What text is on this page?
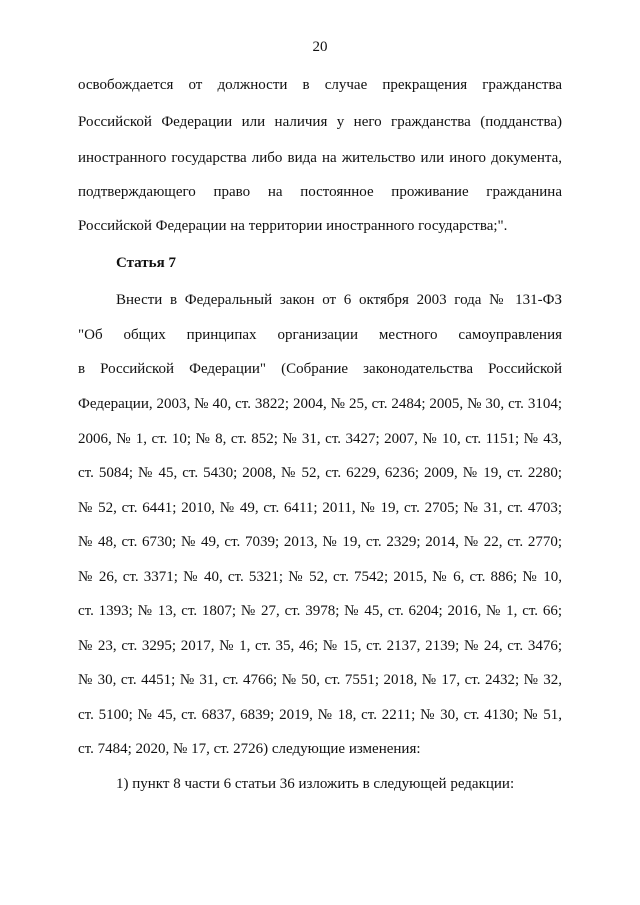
20
освобождается от должности в случае прекращения гражданства
Российской Федерации или наличия у него гражданства (подданства)
иностранного государства либо вида на жительство или иного документа,
подтверждающего право на постоянное проживание гражданина
Российской Федерации на территории иностранного государства;".
Статья 7
Внести в Федеральный закон от 6 октября 2003 года № 131-ФЗ
"Об общих принципах организации местного самоуправления
в Российской Федерации" (Собрание законодательства Российской
Федерации, 2003, № 40, ст. 3822; 2004, № 25, ст. 2484; 2005, № 30, ст. 3104;
2006, № 1, ст. 10; № 8, ст. 852; № 31, ст. 3427; 2007, № 10, ст. 1151; № 43,
ст. 5084; № 45, ст. 5430; 2008, № 52, ст. 6229, 6236; 2009, № 19, ст. 2280;
№ 52, ст. 6441; 2010, № 49, ст. 6411; 2011, № 19, ст. 2705; № 31, ст. 4703;
№ 48, ст. 6730; № 49, ст. 7039; 2013, № 19, ст. 2329; 2014, № 22, ст. 2770;
№ 26, ст. 3371; № 40, ст. 5321; № 52, ст. 7542; 2015, № 6, ст. 886; № 10,
ст. 1393; № 13, ст. 1807; № 27, ст. 3978; № 45, ст. 6204; 2016, № 1, ст. 66;
№ 23, ст. 3295; 2017, № 1, ст. 35, 46; № 15, ст. 2137, 2139; № 24, ст. 3476;
№ 30, ст. 4451; № 31, ст. 4766; № 50, ст. 7551; 2018, № 17, ст. 2432; № 32,
ст. 5100; № 45, ст. 6837, 6839; 2019, № 18, ст. 2211; № 30, ст. 4130; № 51,
ст. 7484; 2020, № 17, ст. 2726) следующие изменения:
1) пункт 8 части 6 статьи 36 изложить в следующей редакции:
